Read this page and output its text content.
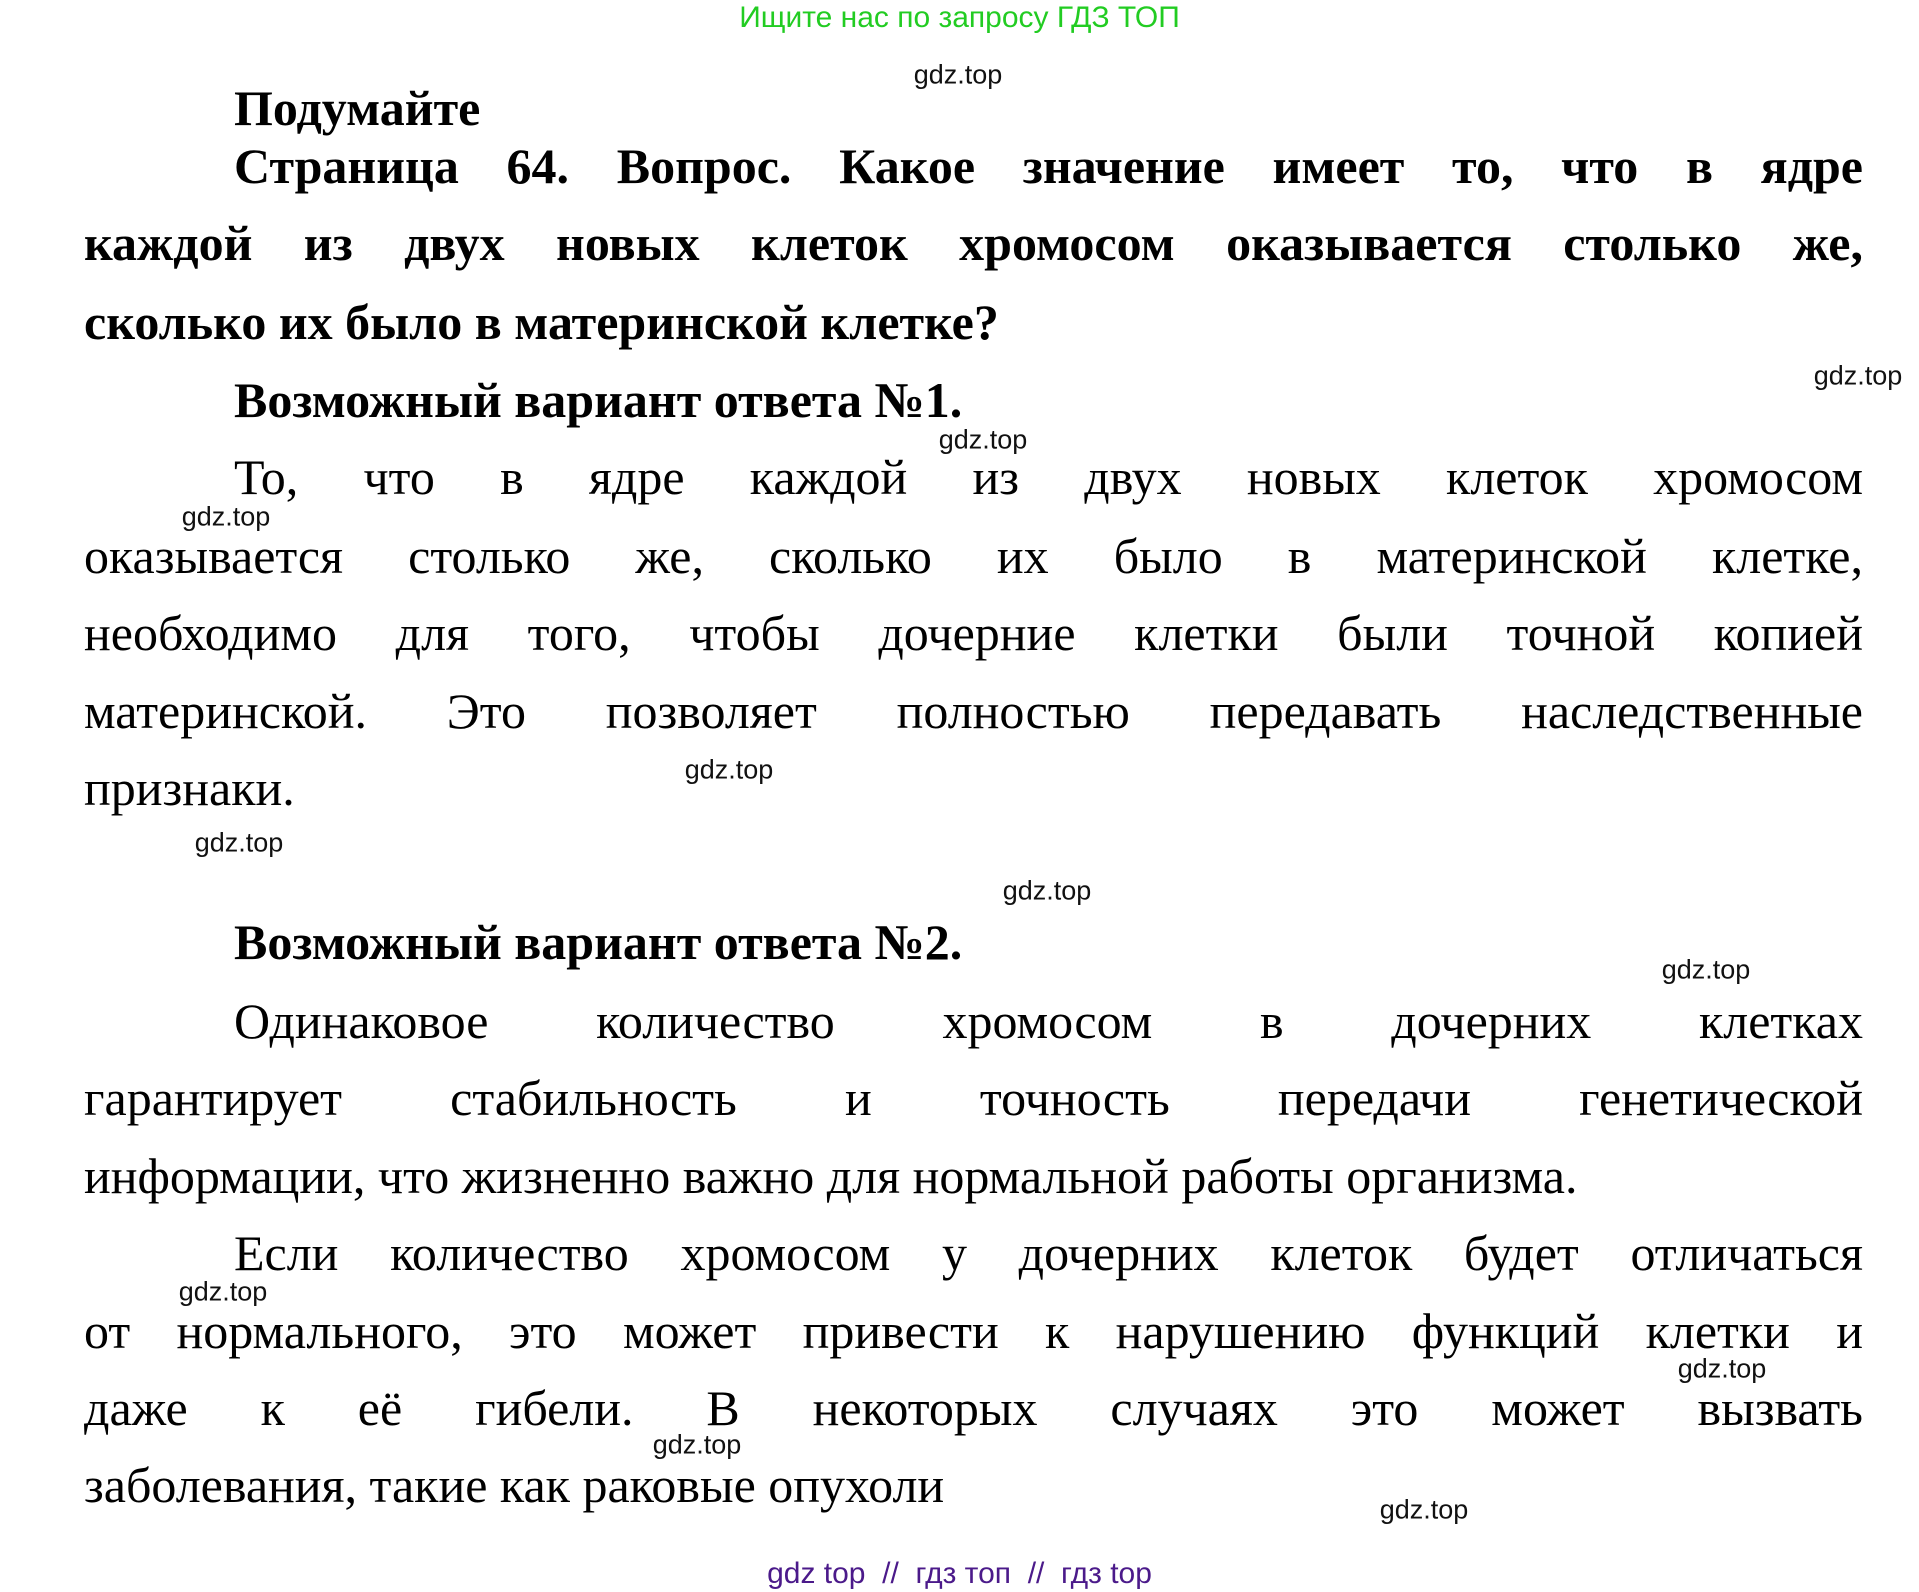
Ищите нас по запросу ГДЗ ТОП
Подумайте
Страница 64. Вопрос. Какое значение имеет то, что в ядре
каждой из двух новых клеток хромосом оказывается столько же,
сколько их было в материнской клетке?
Возможный вариант ответа №1.
То, что в ядре каждой из двух новых клеток хромосом
оказывается столько же, сколько их было в материнской клетке,
необходимо для того, чтобы дочерние клетки были точной копией
материнской. Это позволяет полностью передавать наследственные
признаки.
Возможный вариант ответа №2.
Одинаковое количество хромосом в дочерних клетках
гарантирует стабильность и точность передачи генетической
информации, что жизненно важно для нормальной работы организма.
Если количество хромосом у дочерних клеток будет отличаться
от нормального, это может привести к нарушению функций клетки и
даже к её гибели. В некоторых случаях это может вызвать
заболевания, такие как раковые опухоли
gdz.top
gdz.top
gdz.top
gdz.top
gdz.top
gdz.top
gdz.top
gdz.top
gdz.top
gdz.top
gdz.top
gdz.top
gdz top  //  гдз топ  //  гдз top
